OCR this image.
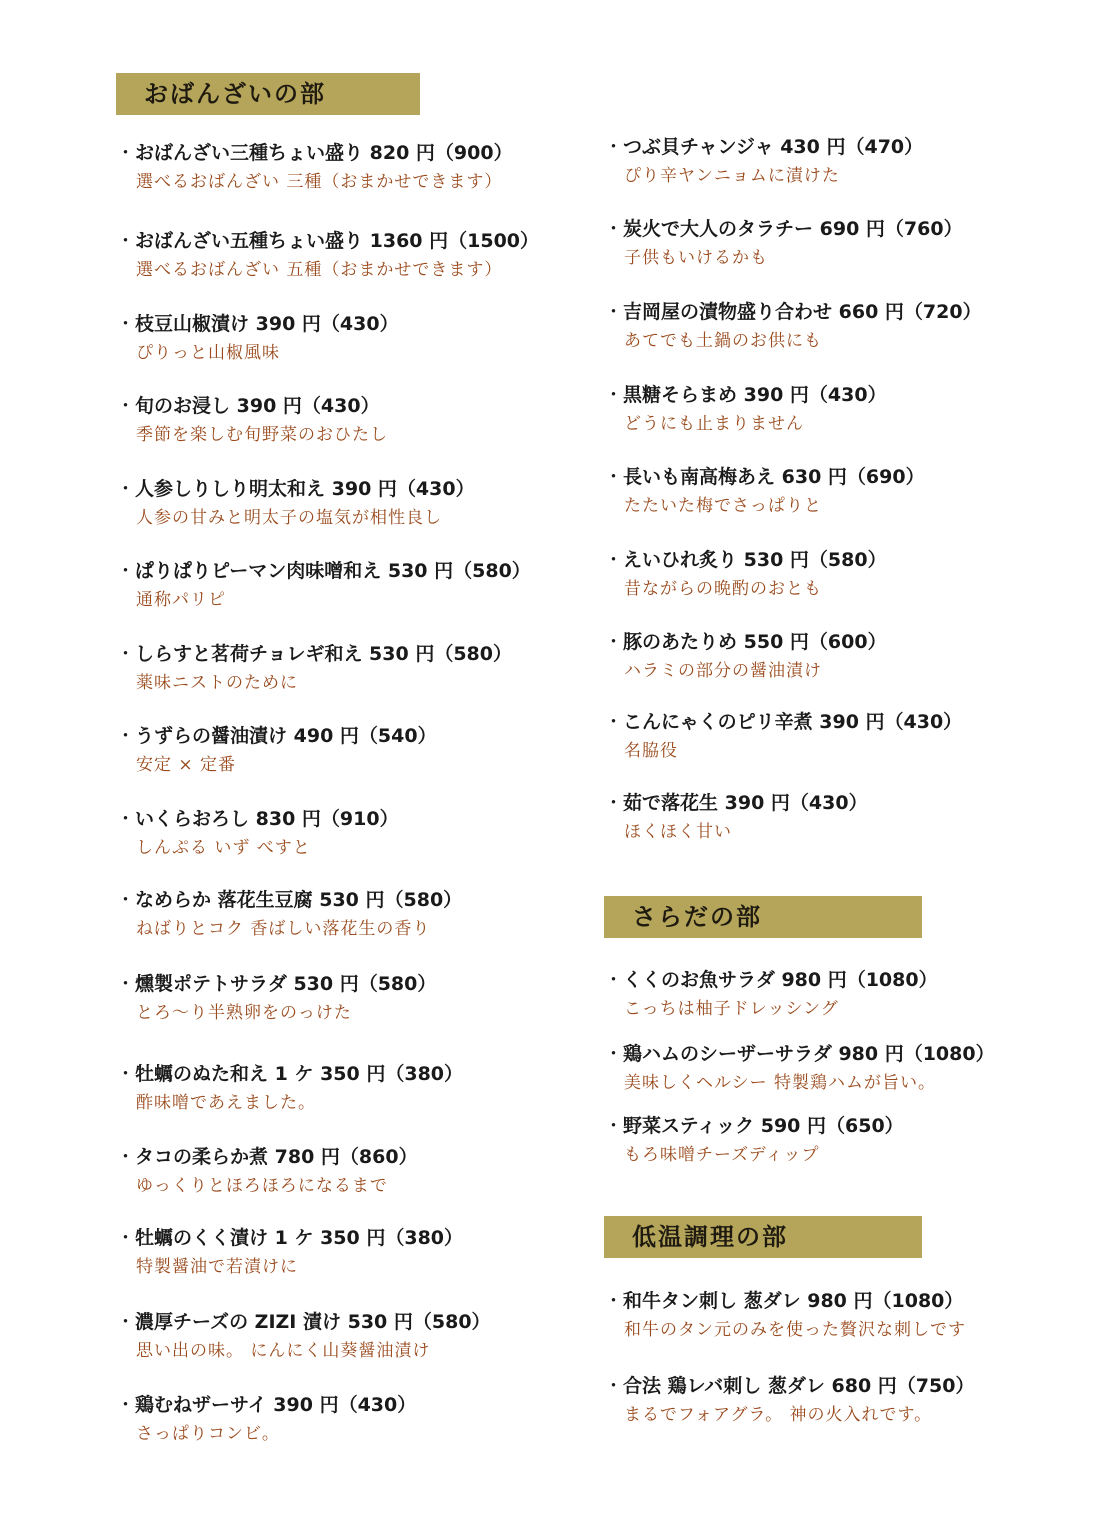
おばんざいの部
・ おばんざい三種ちょい盛り 820 円（900）
選べるおばんざい 三種（おまかせできます）
・ おばんざい五種ちょい盛り 1360 円（1500）
選べるおばんざい 五種（おまかせできます）
・ 枝豆山椒漬け 390 円（430）
ぴりっと山椒風味
・ 旬のお浸し 390 円（430）
季節を楽しむ旬野菜のおひたし
・ 人参しりしり明太和え 390 円（430）
人参の甘みと明太子の塩気が相性良し
・ ぱりぱりピーマン肉味噌和え 530 円（580）
通称パリピ
・ しらすと茗荷チョレギ和え 530 円（580）
薬味ニストのために
・ うずらの醤油漬け 490 円（540）
安定 × 定番
・ いくらおろし 830 円（910）
しんぷる いず べすと
・ なめらか 落花生豆腐 530 円（580）
ねばりとコク 香ばしい落花生の香り
・ 燻製ポテトサラダ 530 円（580）
とろ〜り半熟卵をのっけた
・ 牡蠣のぬた和え 1 ケ 350 円（380）
酢味噌であえました。
・ タコの柔らか煮 780 円（860）
ゆっくりとほろほろになるまで
・ 牡蠣のくく漬け 1 ケ 350 円（380）
特製醤油で若漬けに
・ 濃厚チーズの ZIZI 漬け 530 円（580）
思い出の味。 にんにく山葵醤油漬け
・ 鶏むねザーサイ 390 円（430）
さっぱりコンビ。
・ つぶ貝チャンジャ 430 円（470）
ぴり辛ヤンニョムに漬けた
・ 炭火で大人のタラチー 690 円（760）
子供もいけるかも
・ 吉岡屋の漬物盛り合わせ 660 円（720）
あてでも土鍋のお供にも
・ 黒糖そらまめ 390 円（430）
どうにも止まりません
・ 長いも南高梅あえ 630 円（690）
たたいた梅でさっぱりと
・ えいひれ炙り 530 円（580）
昔ながらの晩酌のおとも
・ 豚のあたりめ 550 円（600）
ハラミの部分の醤油漬け
・ こんにゃくのピリ辛煮 390 円（430）
名脇役
・ 茹で落花生 390 円（430）
ほくほく甘い
さらだの部
・ くくのお魚サラダ 980 円（1080）
こっちは柚子ドレッシング
・ 鶏ハムのシーザーサラダ 980 円（1080）
美味しくヘルシー 特製鶏ハムが旨い。
・ 野菜スティック 590 円（650）
もろ味噌チーズディップ
低温調理の部
・ 和牛タン刺し 葱ダレ 980 円（1080）
和牛のタン元のみを使った贅沢な刺しです
・ 合法 鶏レバ刺し 葱ダレ 680 円（750）
まるでフォアグラ。 神の火入れです。
